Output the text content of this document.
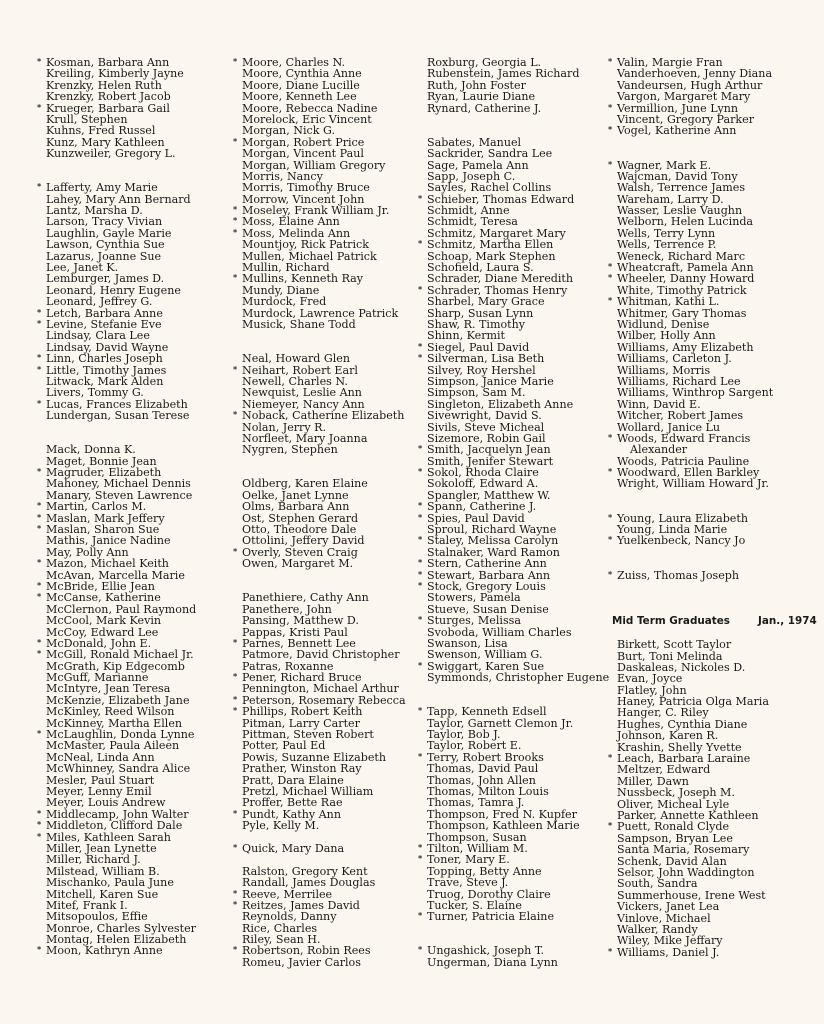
* Kosman, Barbara Ann
Kreiling, Kimberly Jayne
Krenzky, Helen Ruth
Krenzky, Robert Jacob
* Krueger, Barbara Gail
Krull, Stephen
Kuhns, Fred Russel
Kunz, Mary Kathleen
Kunzweiler, Gregory L.
* Lafferty, Amy Marie
Lahey, Mary Ann Bernard
Lantz, Marsha D.
Larson, Tracy Vivian
Laughlin, Gayle Marie
Lawson, Cynthia Sue
Lazarus, Joanne Sue
Lee, Janet K.
Lemburger, James D.
Leonard, Henry Eugene
Leonard, Jeffrey G.
* Letch, Barbara Anne
* Levine, Stefanie Eve
Lindsay, Clara Lee
Lindsay, David Wayne
* Linn, Charles Joseph
* Little, Timothy James
Litwack, Mark Alden
Livers, Tommy G.
* Lucas, Frances Elizabeth
Lundergan, Susan Terese
Mack, Donna K.
Maget, Bonnie Jean
* Magruder, Elizabeth
Mahoney, Michael Dennis
Manary, Steven Lawrence
* Martin, Carlos M.
* Maslan, Mark Jeffery
* Maslan, Sharon Sue
Mathis, Janice Nadine
May, Polly Ann
* Mazon, Michael Keith
McAvan, Marcella Marie
* McBride, Ellie Jean
* McCanse, Katherine
McClernon, Paul Raymond
McCool, Mark Kevin
McCoy, Edward Lee
* McDonald, John E.
* McGill, Ronald Michael Jr.
McGrath, Kip Edgecomb
McGuff, Marianne
McIntyre, Jean Teresa
McKenzie, Elizabeth Jane
McKinley, Reed Wilson
McKinney, Martha Ellen
* McLaughlin, Donda Lynne
McMaster, Paula Aileen
McNeal, Linda Ann
McWhinney, Sandra Alice
Mesler, Paul Stuart
Meyer, Lenny Emil
Meyer, Louis Andrew
* Middlecamp, John Walter
* Middleton, Clifford Dale
* Miles, Kathleen Sarah
Miller, Jean Lynette
Miller, Richard J.
Milstead, William B.
Mischanko, Paula June
Mitchell, Karen Sue
Mitef, Frank I.
Mitsopoulos, Effie
Monroe, Charles Sylvester
Montag, Helen Elizabeth
* Moon, Kathryn Anne
* Moore, Charles N.
Moore, Cynthia Anne
Moore, Diane Lucille
Moore, Kenneth Lee
Moore, Rebecca Nadine
Morelock, Eric Vincent
Morgan, Nick G.
* Morgan, Robert Price
Morgan, Vincent Paul
Morgan, William Gregory
Morris, Nancy
Morris, Timothy Bruce
Morrow, Vincent John
* Moseley, Frank William Jr.
* Moss, Elaine Ann
* Moss, Melinda Ann
Mountjoy, Rick Patrick
Mullen, Michael Patrick
Mullin, Richard
* Mullins, Kenneth Ray
Mundy, Diane
Murdock, Fred
Murdock, Lawrence Patrick
Musick, Shane Todd
Neal, Howard Glen
* Neihart, Robert Earl
Newell, Charles N.
Newquist, Leslie Ann
Niemeyer, Nancy Ann
* Noback, Catherine Elizabeth
Nolan, Jerry R.
Norfleet, Mary Joanna
Nygren, Stephen
Oldberg, Karen Elaine
Oelke, Janet Lynne
Olms, Barbara Ann
Ost, Stephen Gerard
Otto, Theodore Dale
Ottolini, Jeffery David
* Overly, Steven Craig
Owen, Margaret M.
Panethiere, Cathy Ann
Panethere, John
Pansing, Matthew D.
Pappas, Kristi Paul
* Parnes, Bennett Lee
Patmore, David Christopher
Patras, Roxanne
* Pener, Richard Bruce
Pennington, Michael Arthur
* Peterson, Rosemary Rebecca
* Phillips, Robert Keith
Pitman, Larry Carter
Pittman, Steven Robert
Potter, Paul Ed
Powis, Suzanne Elizabeth
Prather, Winston Ray
Pratt, Dara Elaine
Pretzl, Michael William
Proffer, Bette Rae
* Pundt, Kathy Ann
Pyle, Kelly M.
* Quick, Mary Dana
Ralston, Gregory Kent
Randall, James Douglas
* Reeve, Merrilee
* Reitzes, James David
Reynolds, Danny
Rice, Charles
Riley, Sean H.
* Robertson, Robin Rees
Romeu, Javier Carlos
Roxburg, Georgia L.
Rubenstein, James Richard
Ruth, John Foster
Ryan, Laurie Diane
Rynard, Catherine J.
Sabates, Manuel
Sackrider, Sandra Lee
Sage, Pamela Ann
Sapp, Joseph C.
Sayles, Rachel Collins
* Schieber, Thomas Edward
Schmidt, Anne
Schmidt, Teresa
Schmitz, Margaret Mary
* Schmitz, Martha Ellen
Schoap, Mark Stephen
Schofield, Laura S.
Schrader, Diane Meredith
* Schrader, Thomas Henry
Sharbel, Mary Grace
Sharp, Susan Lynn
Shaw, R. Timothy
Shinn, Kermit
* Siegel, Paul David
* Silverman, Lisa Beth
Silvey, Roy Hershel
Simpson, Janice Marie
Simpson, Sam M.
Singleton, Elizabeth Anne
Sivewright, David S.
Sivils, Steve Micheal
Sizemore, Robin Gail
* Smith, Jacquelyn Jean
Smith, Jenifer Stewart
* Sokol, Rhoda Claire
Sokoloff, Edward A.
Spangler, Matthew W.
* Spann, Catherine J.
* Spies, Paul David
Sproul, Richard Wayne
* Staley, Melissa Carolyn
Stalnaker, Ward Ramon
* Stern, Catherine Ann
* Stewart, Barbara Ann
* Stock, Gregory Louis
Stowers, Pamela
Stueve, Susan Denise
* Sturges, Melissa
Svoboda, William Charles
Swanson, Lisa
Swenson, William G.
* Swiggart, Karen Sue
Symmonds, Christopher Eugene
* Tapp, Kenneth Edsell
Taylor, Garnett Clemon Jr.
Taylor, Bob J.
Taylor, Robert E.
* Terry, Robert Brooks
Thomas, David Paul
Thomas, John Allen
Thomas, Milton Louis
Thomas, Tamra J.
Thompson, Fred N. Kupfer
Thompson, Kathleen Marie
Thompson, Susan
* Tilton, William M.
* Toner, Mary E.
Topping, Betty Anne
Trave, Steve J.
Truog, Dorothy Claire
Tucker, S. Elaine
* Turner, Patricia Elaine
* Ungashick, Joseph T.
Ungerman, Diana Lynn
* Valin, Margie Fran
Vanderhoeven, Jenny Diana
Vandeursen, Hugh Arthur
Vargon, Margaret Mary
* Vermillion, June Lynn
Vincent, Gregory Parker
* Vogel, Katherine Ann
* Wagner, Mark E.
Wajcman, David Tony
Walsh, Terrence James
Wareham, Larry D.
Wasser, Leslie Vaughn
Welborn, Helen Lucinda
Wells, Terry Lynn
Wells, Terrence P.
Weneck, Richard Marc
* Wheatcraft, Pamela Ann
* Wheeler, Danny Howard
White, Timothy Patrick
* Whitman, Kathi L.
Whitmer, Gary Thomas
Widlund, Denise
Wilber, Holly Ann
Williams, Amy Elizabeth
Williams, Carleton J.
Williams, Morris
Williams, Richard Lee
Williams, Winthrop Sargent
Winn, David E.
Witcher, Robert James
Wollard, Janice Lu
* Woods, Edward Francis
Alexander
Woods, Patricia Pauline
* Woodward, Ellen Barkley
Wright, William Howard Jr.
* Young, Laura Elizabeth
Young, Linda Marie
* Yuelkenbeck, Nancy Jo
* Zuiss, Thomas Joseph
Mid Term Graduates	Jan., 1974
Birkett, Scott Taylor
Burt, Toni Melinda
Daskaleas, Nickoles D.
Evan, Joyce
Flatley, John
Haney, Patricia Olga Maria
Hanger, C. Riley
Hughes, Cynthia Diane
Johnson, Karen R.
Krashin, Shelly Yvette
* Leach, Barbara Laraine
Meltzer, Edward
Miller, Dawn
Nussbeck, Joseph M.
Oliver, Micheal Lyle
Parker, Annette Kathleen
* Puett, Ronald Clyde
Sampson, Bryan Lee
Santa Maria, Rosemary
Schenk, David Alan
Selsor, John Waddington
South, Sandra
Summerhouse, Irene West
Vickers, Janet Lea
Vinlove, Michael
Walker, Randy
Wiley, Mike Jeffary
* Williams, Daniel J.
